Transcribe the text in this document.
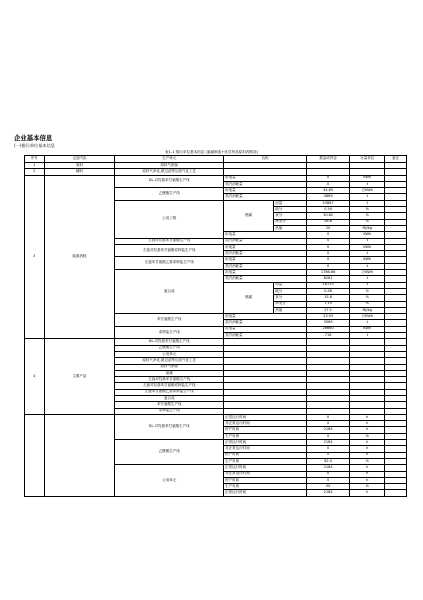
企业基本信息
(一)排污单位基本信息
表1-1 排污单位基本信息 (氯碱制造+化学药品原料药制造)
序号	记录内容	生产单元	名称		数量或内容	计量单位	备注
1	原料	原料气制备					
2	辅料	原料气净化,微过滤等压改气化工艺					
3	能源消耗	DL-对羟基苯甘氨酸生产线	用电量		0	KWh	
			蒸汽消耗量		0	t	
		乙醛酸生产线	用电量		44.85	万KWh	
			蒸汽消耗量		4669	t	
		公用工程	燃煤	用量	53867	t	
				硫分	0.54	%	
				灰分	30.62	%	
				挥发分	26.6	%	
				热值	20	MJ/kg	
			用电量		0	KWh	
		左旋对羟基苯甘氨酸生产线	蒸汽消耗量		0	t	
		左旋对羟基苯甘氨酸邓钾盐生产线	用电量		0	KWh	
			蒸汽消耗量		0	t	
		左旋苯甘氨酸乙基邓钾盐生产线	用电量		0	KWh	
			蒸汽消耗量		0	t	
		氯合成	用电量		1786.66	万KWh	
			蒸汽消耗量		8261	t	
			燃煤	用量	16723	t	
				硫分	0.46	%	
				灰分	15.6	%	
				挥发分	7.19	%	
				热值	27.1	MJ/kg	
		苯甘氨酸生产线	用电量		23.93	万KWh	
			蒸汽消耗量		3569	t	
		邓钾盐生产线	用电量		26660	KWh	
			蒸汽消耗量		716	t	
4	主要产品	DL-对羟基苯甘氨酸生产线					
		乙醛酸生产线					
		公用单元					
		原料气净化,微过滤等压改气化工艺					
		原料气制备					
		备煤					
		左旋对羟基苯甘氨酸生产线					
		左旋对羟基苯甘氨酸邓钾盐生产线					
		左旋苯甘氨酸乙基邓钾盐生产线					
		氯合成					
		苯甘氨酸生产线					
		邓钾盐生产线					
		DL-对羟基苯甘氨酸生产线	正常运行时间		0	h	
			非正常运行时间		0	h	
			停产时间		2184	h	
			生产负荷		0	%	
		乙醛酸生产线	正常运行时间		2184	h	
			非正常运行时间		0	h	
			停产时间		0	h	
			生产负荷		62.4	%	
		公用单元	正常运行时间		2184	h	
			非正常运行时间		0	h	
			停产时间		0	h	
			生产负荷		50	%	
			正常运行时间		2184	h	
